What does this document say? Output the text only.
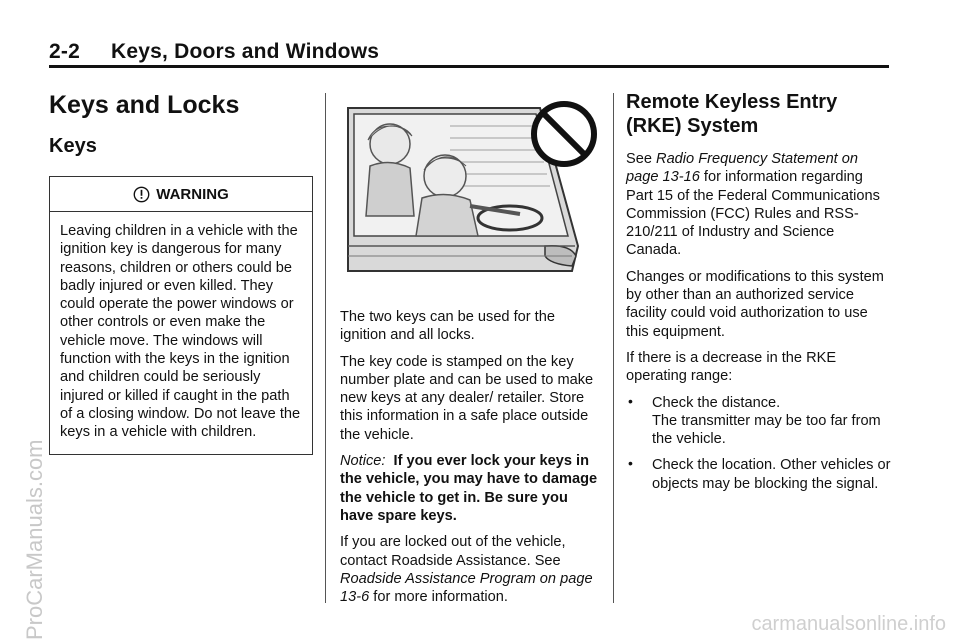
2-2 Keys, Doors and Windows
Keys and Locks
Keys
WARNING
Leaving children in a vehicle with the ignition key is dangerous for many reasons, children or others could be badly injured or even killed. They could operate the power windows or other controls or even make the vehicle move. The windows will function with the keys in the ignition and children could be seriously injured or killed if caught in the path of a closing window. Do not leave the keys in a vehicle with children.

The two keys can be used for the ignition and all locks.

The key code is stamped on the key number plate and can be used to make new keys at any dealer/ retailer. Store this information in a safe place outside the vehicle.

Notice: If you ever lock your keys in the vehicle, you may have to damage the vehicle to get in. Be sure you have spare keys.

If you are locked out of the vehicle, contact Roadside Assistance. See Roadside Assistance Program on page 13-6 for more information.

Remote Keyless Entry (RKE) System

See Radio Frequency Statement on page 13-16 for information regarding Part 15 of the Federal Communications Commission (FCC) Rules and RSS-210/211 of Industry and Science Canada.

Changes or modifications to this system by other than an authorized service facility could void authorization to use this equipment.

If there is a decrease in the RKE operating range:

• Check the distance.
The transmitter may be too far from the vehicle.
• Check the location. Other vehicles or objects may be blocking the signal.
ProCarManuals.com	carmanualsonline.info
